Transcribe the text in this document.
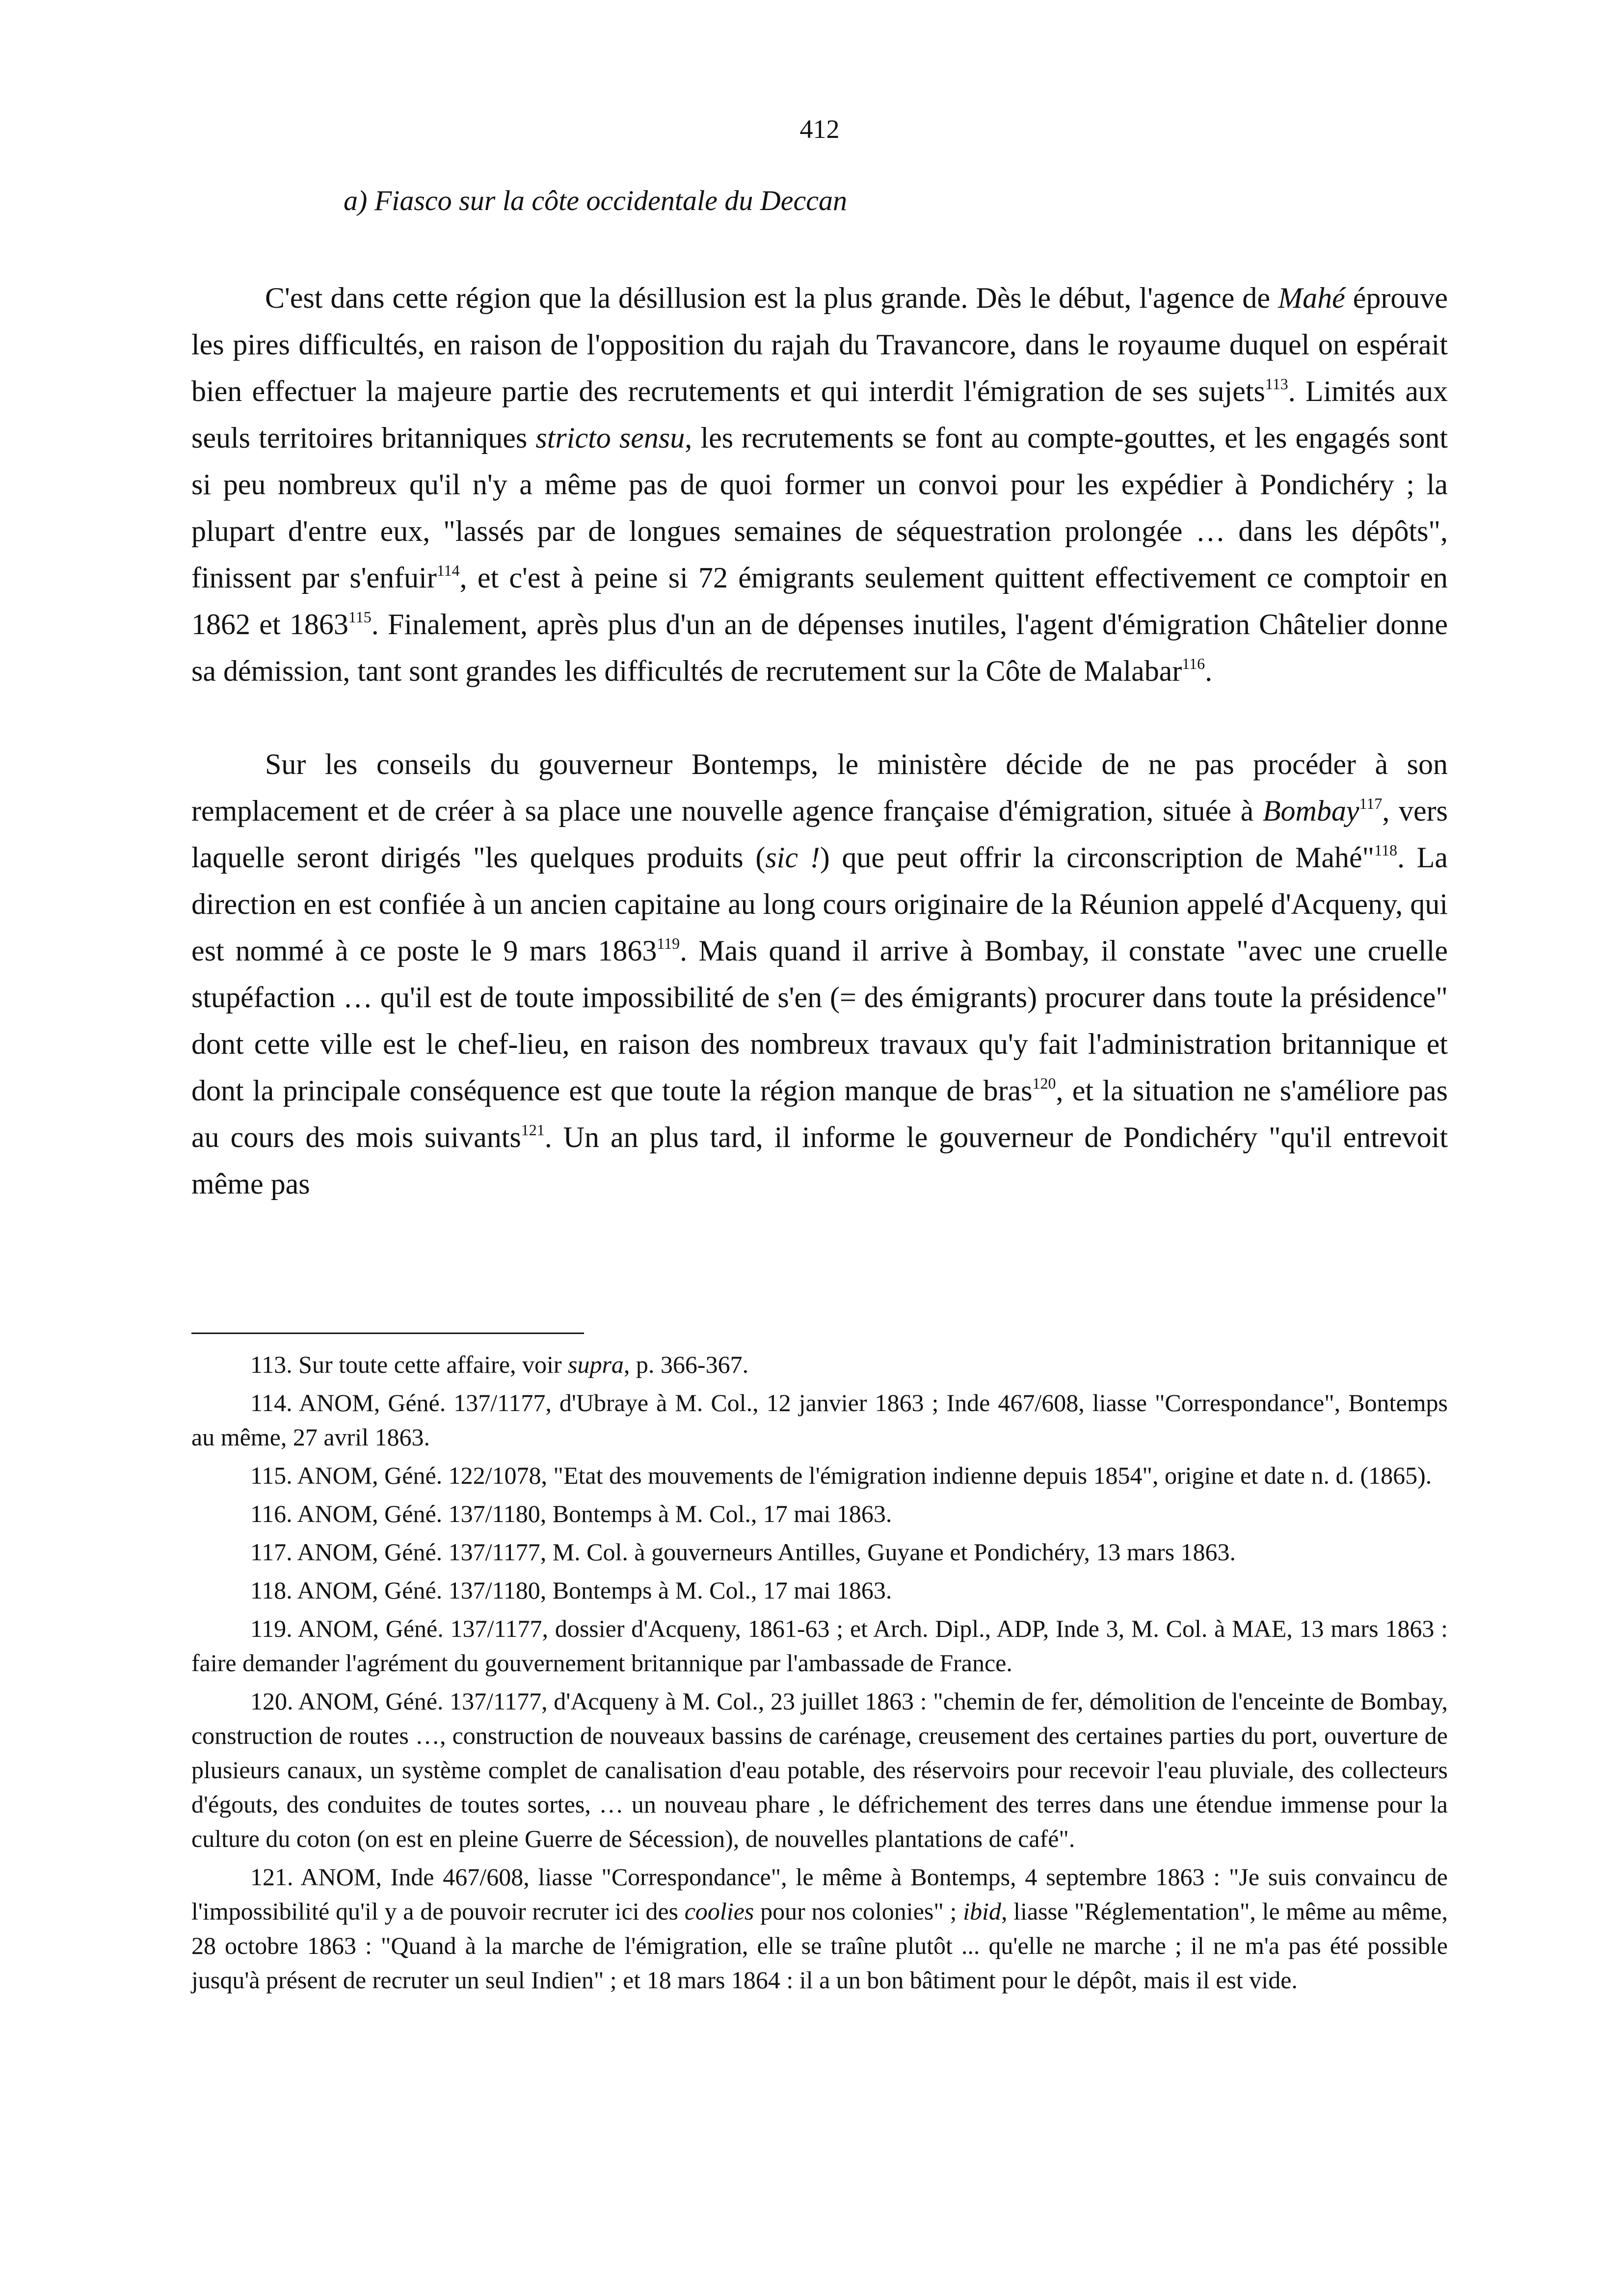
412
a) Fiasco sur la côte occidentale du Deccan

C'est dans cette région que la désillusion est la plus grande. Dès le début, l'agence de Mahé éprouve les pires difficultés, en raison de l'opposition du rajah du Travancore, dans le royaume duquel on espérait bien effectuer la majeure partie des recrutements et qui interdit l'émigration de ses sujets$^{113}$. Limités aux seuls territoires britanniques stricto sensu, les recrutements se font au compte-gouttes, et les engagés sont si peu nombreux qu'il n'y a même pas de quoi former un convoi pour les expédier à Pondichéry ; la plupart d'entre eux, "lassés par de longues semaines de séquestration prolongée … dans les dépôts", finissent par s'enfuir$^{114}$, et c'est à peine si 72 émigrants seulement quittent effectivement ce comptoir en 1862 et 1863$^{115}$. Finalement, après plus d'un an de dépenses inutiles, l'agent d'émigration Châtelier donne sa démission, tant sont grandes les difficultés de recrutement sur la Côte de Malabar$^{116}$.

Sur les conseils du gouverneur Bontemps, le ministère décide de ne pas procéder à son remplacement et de créer à sa place une nouvelle agence française d'émigration, située à Bombay$^{117}$, vers laquelle seront dirigés "les quelques produits (sic !) que peut offrir la circonscription de Mahé"$^{118}$. La direction en est confiée à un ancien capitaine au long cours originaire de la Réunion appelé d'Acqueny, qui est nommé à ce poste le 9 mars 1863$^{119}$. Mais quand il arrive à Bombay, il constate "avec une cruelle stupéfaction … qu'il est de toute impossibilité de s'en (= des émigrants) procurer dans toute la présidence" dont cette ville est le chef-lieu, en raison des nombreux travaux qu'y fait l'administration britannique et dont la principale conséquence est que toute la région manque de bras$^{120}$, et la situation ne s'améliore pas au cours des mois suivants$^{121}$. Un an plus tard, il informe le gouverneur de Pondichéry "qu'il entrevoit même pas

113. Sur toute cette affaire, voir supra, p. 366-367.

114. ANOM, Géné. 137/1177, d'Ubraye à M. Col., 12 janvier 1863 ; Inde 467/608, liasse "Correspondance", Bontemps au même, 27 avril 1863.

115. ANOM, Géné. 122/1078, "Etat des mouvements de l'émigration indienne depuis 1854", origine et date n. d. (1865).

116. ANOM, Géné. 137/1180, Bontemps à M. Col., 17 mai 1863.

117. ANOM, Géné. 137/1177, M. Col. à gouverneurs Antilles, Guyane et Pondichéry, 13 mars 1863.

118. ANOM, Géné. 137/1180, Bontemps à M. Col., 17 mai 1863.

119. ANOM, Géné. 137/1177, dossier d'Acqueny, 1861-63 ; et Arch. Dipl., ADP, Inde 3, M. Col. à MAE, 13 mars 1863 : faire demander l'agrément du gouvernement britannique par l'ambassade de France.

120. ANOM, Géné. 137/1177, d'Acqueny à M. Col., 23 juillet 1863 : "chemin de fer, démolition de l'enceinte de Bombay, construction de routes …, construction de nouveaux bassins de carénage, creusement des certaines parties du port, ouverture de plusieurs canaux, un système complet de canalisation d'eau potable, des réservoirs pour recevoir l'eau pluviale, des collecteurs d'égouts, des conduites de toutes sortes, … un nouveau phare , le défrichement des terres dans une étendue immense pour la culture du coton (on est en pleine Guerre de Sécession), de nouvelles plantations de café".

121. ANOM, Inde 467/608, liasse "Correspondance", le même à Bontemps, 4 septembre 1863 : "Je suis convaincu de l'impossibilité qu'il y a de pouvoir recruter ici des coolies pour nos colonies" ; ibid, liasse "Réglementation", le même au même, 28 octobre 1863 : "Quand à la marche de l'émigration, elle se traîne plutôt ... qu'elle ne marche ; il ne m'a pas été possible jusqu'à présent de recruter un seul Indien" ; et 18 mars 1864 : il a un bon bâtiment pour le dépôt, mais il est vide.
